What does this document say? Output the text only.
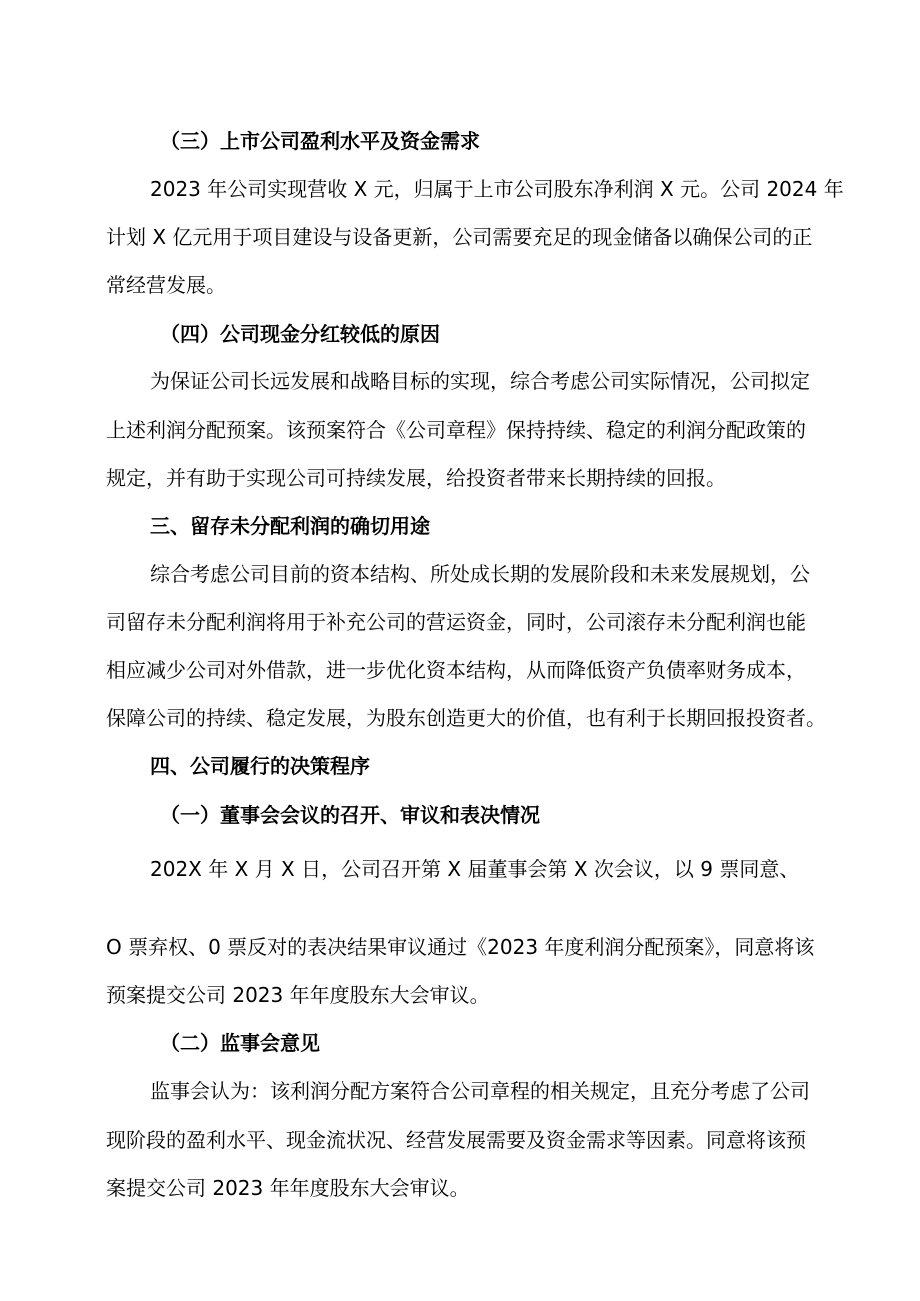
（三）上市公司盈利水平及资金需求
2023 年公司实现营收 X 元，归属于上市公司股东净利润 X 元。公司 2024 年
计划 X 亿元用于项目建设与设备更新，公司需要充足的现金储备以确保公司的正
常经营发展。
（四）公司现金分红较低的原因
为保证公司长远发展和战略目标的实现，综合考虑公司实际情况，公司拟定
上述利润分配预案。该预案符合《公司章程》保持持续、稳定的利润分配政策的
规定，并有助于实现公司可持续发展，给投资者带来长期持续的回报。
三、留存未分配利润的确切用途
综合考虑公司目前的资本结构、所处成长期的发展阶段和未来发展规划，公
司留存未分配利润将用于补充公司的营运资金，同时，公司滚存未分配利润也能
相应减少公司对外借款，进一步优化资本结构，从而降低资产负债率财务成本，
保障公司的持续、稳定发展，为股东创造更大的价值，也有利于长期回报投资者。
四、公司履行的决策程序
（一）董事会会议的召开、审议和表决情况
202X 年 X 月 X 日，公司召开第 X 届董事会第 X 次会议，以 9 票同意、
O 票弃权、0 票反对的表决结果审议通过《2023 年度利润分配预案》，同意将该
预案提交公司 2023 年年度股东大会审议。
（二）监事会意见
监事会认为：该利润分配方案符合公司章程的相关规定，且充分考虑了公司
现阶段的盈利水平、现金流状况、经营发展需要及资金需求等因素。同意将该预
案提交公司 2023 年年度股东大会审议。
